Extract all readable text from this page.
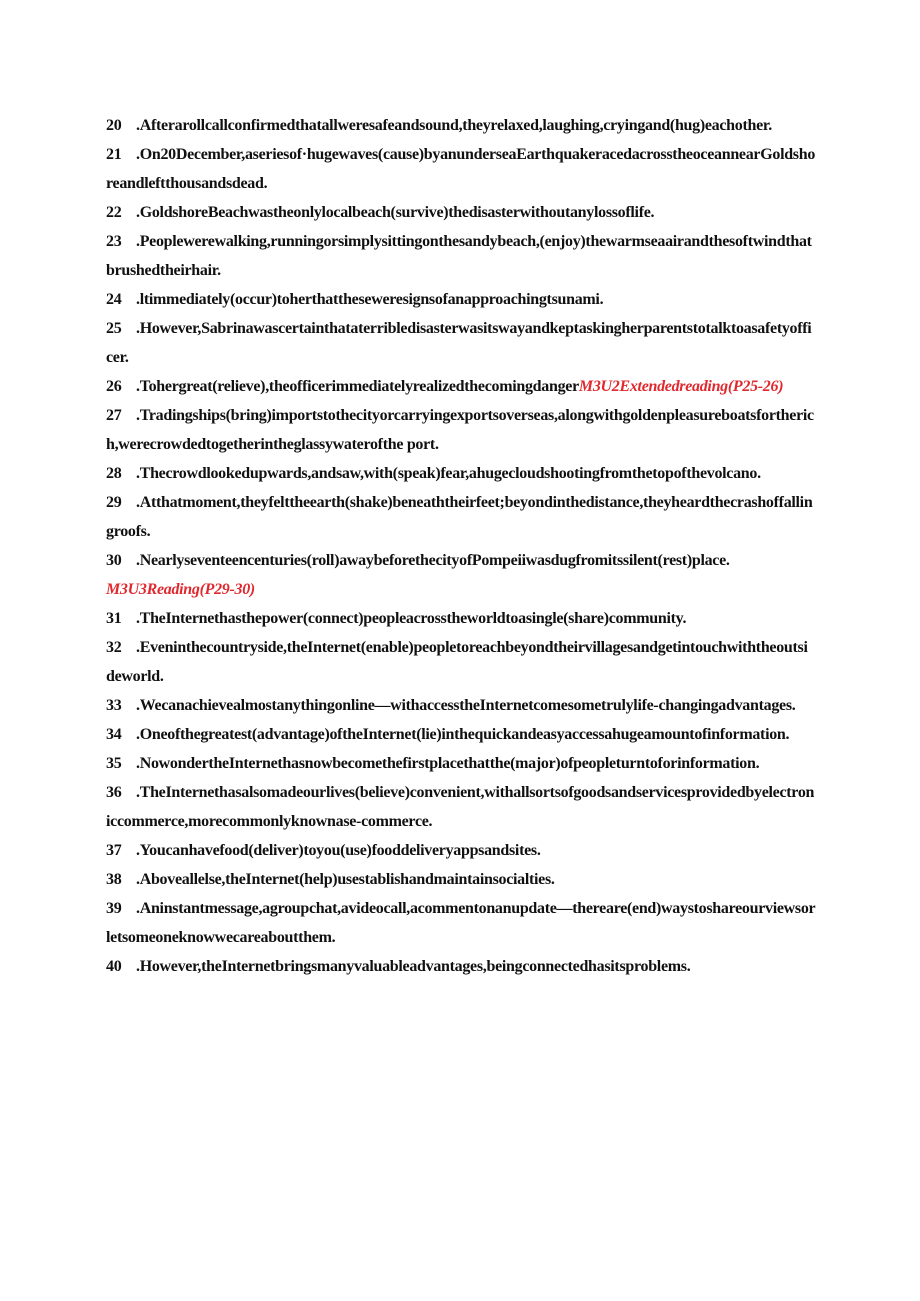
20 .Afterarollcallconfirmedthatallweresafeandsound,theyrelaxed,laughing,cryingand(hug)eachother.

21 .On20December,aseriesof·hugewaves(cause)byanunderseaEarthquakeracedacrosstheoceannearGoldshoreandleftthousandsdead.

22 .GoldshoreBeachwastheonlylocalbeach(survive)thedisasterwithoutanylossoflife.

23 .Peoplewerewalking,runningorsimplysittingonthesandybeach,(enjoy)thewarmseaairandthesoftwindthatbrushedtheirhair.

24 .ltimmediately(occur)toherthattheseweresignsofanapproachingtsunami.

25 .However,Sabrinawascertainthataterribledisasterwasitswayandkeptaskingherparentstotalktoasafetyofficer.

26 .Tohergreat(relieve),theofficerimmediatelyrealizedthecomingdangerM3U2Extendedreading(P25-26)

27 .Tradingships(bring)importstothecityorcarryingexportsoverseas,alongwithgoldenpleasureboatsfortherich,werecrowdedtogetherintheglassywaterofthe port.

28 .Thecrowdlookedupwards,andsaw,with(speak)fear,ahugecloudshootingfromthetopofthevolcano.

29 .Atthatmoment,theyfelttheearth(shake)beneaththeirfeet;beyondinthedistance,theyheardthecrashoffallingroofs.

30 .Nearlyseventeencenturies(roll)awaybeforethecityofPompeiiwasdugfromitssilent(rest)place.

M3U3Reading(P29-30)

31 .TheInternethasthepower(connect)peopleacrosstheworldtoasingle(share)community.

32 .Eveninthecountryside,theInternet(enable)peopletoreachbeyondtheirvillagesandgetintouchwiththeoutsideworld.

33 .Wecanachievealmostanythingonline—withaccesstheInternetcomesometrulylife-changingadvantages.

34 .Oneofthegreatest(advantage)oftheInternet(lie)inthequickandeasyaccessahugeamountofinformation.

35 .NowondertheInternethasnowbecomethefirstplacethatthe(major)ofpeopleturntoforinformation.

36 .TheInternethasalsomadeourlives(believe)convenient,withallsortsofgoodsandservicesprovidedbyelectroniccommerce,morecommonlyknownase-commerce.

37 .Youcanhavefood(deliver)toyou(use)fooddeliveryappsandsites.

38 .Aboveallelse,theInternet(help)usestablishandmaintainsocialties.

39 .Aninstantmessage,agroupchat,avideocall,acommentonanupdate—thereare(end)waystoshareourviewsorletsomeoneknowwecareaboutthem.

40 .However,theInternetbringsmanyvaluableadvantages,beingconnectedhasitsproblems.
